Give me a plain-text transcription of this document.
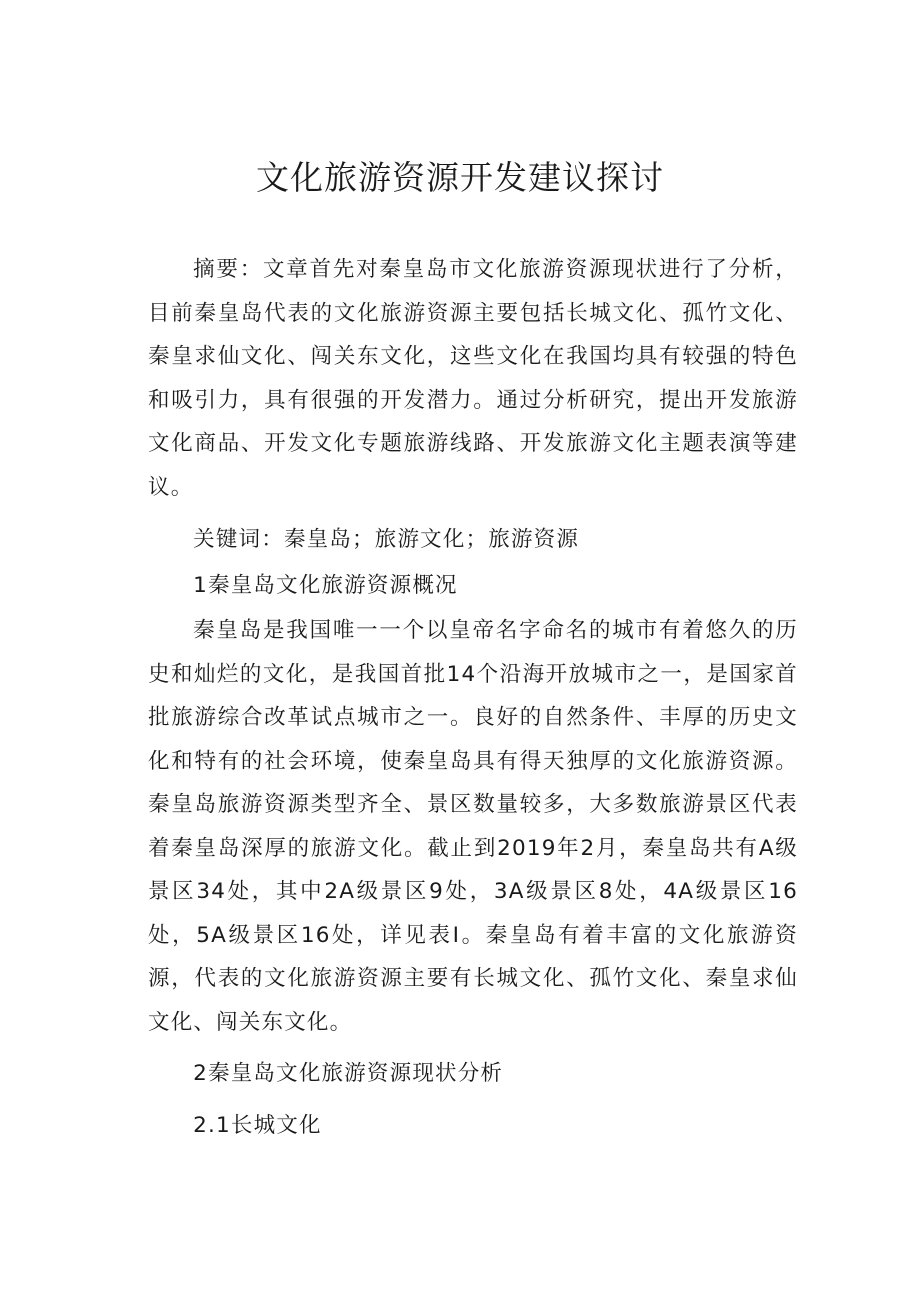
文化旅游资源开发建议探讨

摘要：文章首先对秦皇岛市文化旅游资源现状进行了分析，目前秦皇岛代表的文化旅游资源主要包括长城文化、孤竹文化、秦皇求仙文化、闯关东文化，这些文化在我国均具有较强的特色和吸引力，具有很强的开发潜力。通过分析研究，提出开发旅游文化商品、开发文化专题旅游线路、开发旅游文化主题表演等建议。

关键词：秦皇岛；旅游文化；旅游资源

1秦皇岛文化旅游资源概况

秦皇岛是我国唯一一个以皇帝名字命名的城市有着悠久的历史和灿烂的文化，是我国首批14个沿海开放城市之一，是国家首批旅游综合改革试点城市之一。良好的自然条件、丰厚的历史文化和特有的社会环境，使秦皇岛具有得天独厚的文化旅游资源。秦皇岛旅游资源类型齐全、景区数量较多，大多数旅游景区代表着秦皇岛深厚的旅游文化。截止到2019年2月，秦皇岛共有A级景区34处，其中2A级景区9处，3A级景区8处，4A级景区16处，5A级景区16处，详见表I。秦皇岛有着丰富的文化旅游资源，代表的文化旅游资源主要有长城文化、孤竹文化、秦皇求仙文化、闯关东文化。

2秦皇岛文化旅游资源现状分析

2.1长城文化
